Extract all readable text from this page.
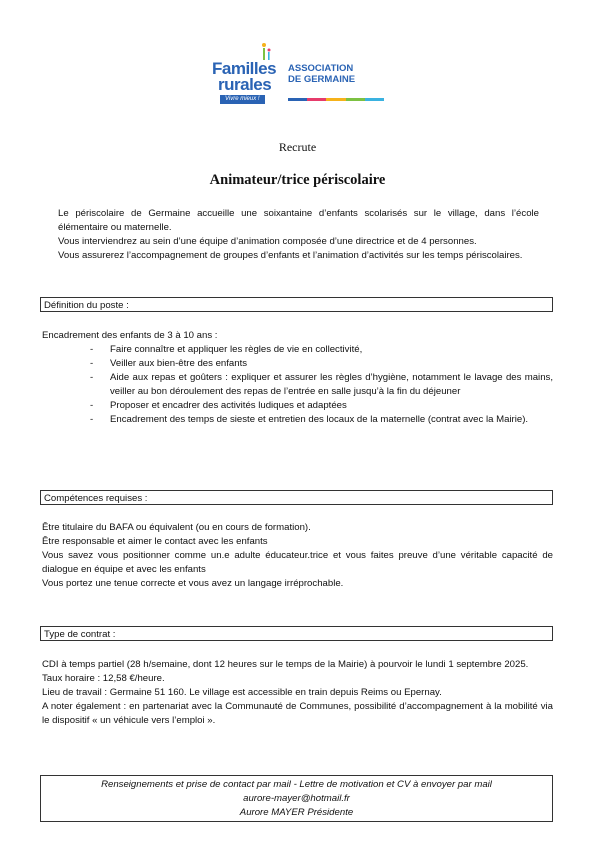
Familles
rurales
Vivre mieux !
ASSOCIATION
DE GERMAINE
Recrute
Animateur/trice périscolaire

Le périscolaire de Germaine accueille une soixantaine d’enfants scolarisés sur le village, dans l’école élémentaire ou maternelle.

Vous interviendrez au sein d’une équipe d’animation composée d’une directrice et de 4 personnes.

Vous assurerez l’accompagnement de groupes d’enfants et l’animation d’activités sur les temps périscolaires.

Définition du poste :

Encadrement des enfants de 3 à 10 ans :

- Faire connaître et appliquer les règles de vie en collectivité,
- Veiller aux bien-être des enfants
- Aide aux repas et goûters : expliquer et assurer les règles d’hygiène, notamment le lavage des mains, veiller au bon déroulement des repas de l’entrée en salle jusqu’à la fin du déjeuner
- Proposer et encadrer des activités ludiques et adaptées
- Encadrement des temps de sieste et entretien des locaux de la maternelle (contrat avec la Mairie).
Compétences requises :

Être titulaire du BAFA ou équivalent (ou en cours de formation).

Être responsable et aimer le contact avec les enfants

Vous savez vous positionner comme un.e adulte éducateur.trice et vous faites preuve d’une véritable capacité de dialogue en équipe et avec les enfants

Vous portez une tenue correcte et vous avez un langage irréprochable.

Type de contrat :

CDI à temps partiel (28 h/semaine, dont 12 heures sur le temps de la Mairie) à pourvoir le lundi 1 septembre 2025.

Taux horaire : 12,58 €/heure.

Lieu de travail : Germaine 51 160. Le village est accessible en train depuis Reims ou Epernay.

A noter également : en partenariat avec la Communauté de Communes, possibilité d’accompagnement à la mobilité via le dispositif « un véhicule vers l’emploi ».

Renseignements et prise de contact par mail - Lettre de motivation et CV à envoyer par mail
aurore-mayer@hotmail.fr
Aurore MAYER Présidente
